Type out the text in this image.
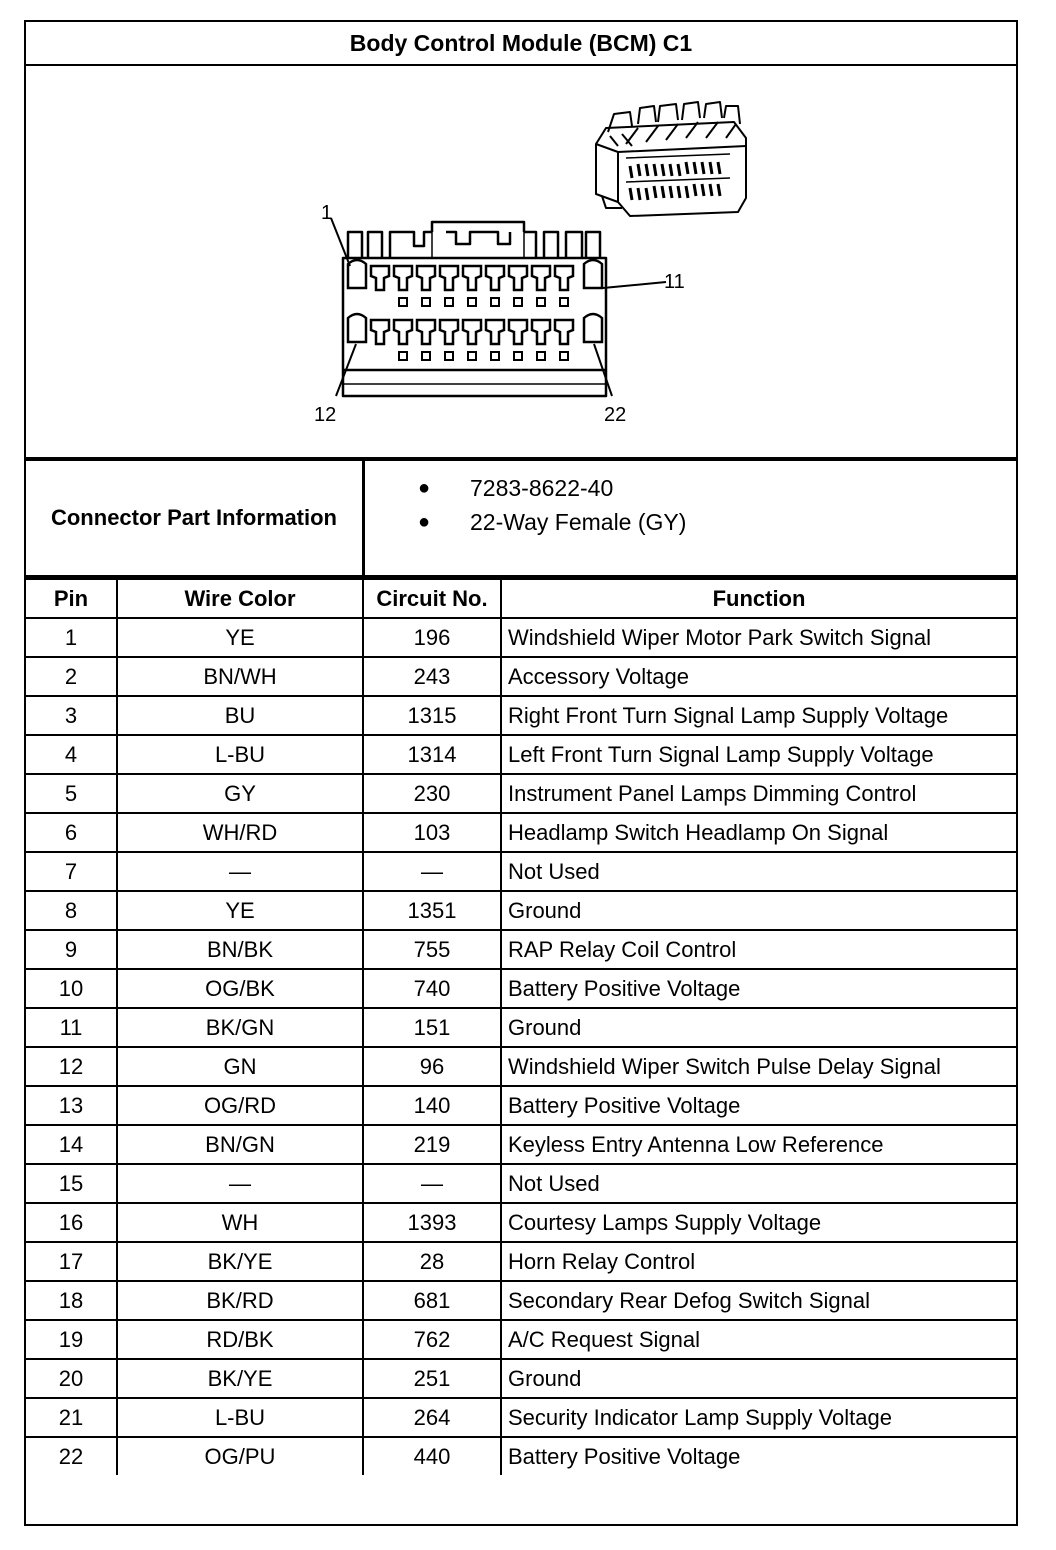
Body Control Module (BCM) C1
1
11
12	22
Connector Part Information
●	7283-8622-40
●	22-Way Female (GY)
Pin	Wire Color	Circuit No.	Function
1	YE	196	Windshield Wiper Motor Park Switch Signal
2	BN/WH	243	Accessory Voltage
3	BU	1315	Right Front Turn Signal Lamp Supply Voltage
4	L-BU	1314	Left Front Turn Signal Lamp Supply Voltage
5	GY	230	Instrument Panel Lamps Dimming Control
6	WH/RD	103	Headlamp Switch Headlamp On Signal
7	—	—	Not Used
8	YE	1351	Ground
9	BN/BK	755	RAP Relay Coil Control
10	OG/BK	740	Battery Positive Voltage
11	BK/GN	151	Ground
12	GN	96	Windshield Wiper Switch Pulse Delay Signal
13	OG/RD	140	Battery Positive Voltage
14	BN/GN	219	Keyless Entry Antenna Low Reference
15	—	—	Not Used
16	WH	1393	Courtesy Lamps Supply Voltage
17	BK/YE	28	Horn Relay Control
18	BK/RD	681	Secondary Rear Defog Switch Signal
19	RD/BK	762	A/C Request Signal
20	BK/YE	251	Ground
21	L-BU	264	Security Indicator Lamp Supply Voltage
22	OG/PU	440	Battery Positive Voltage
